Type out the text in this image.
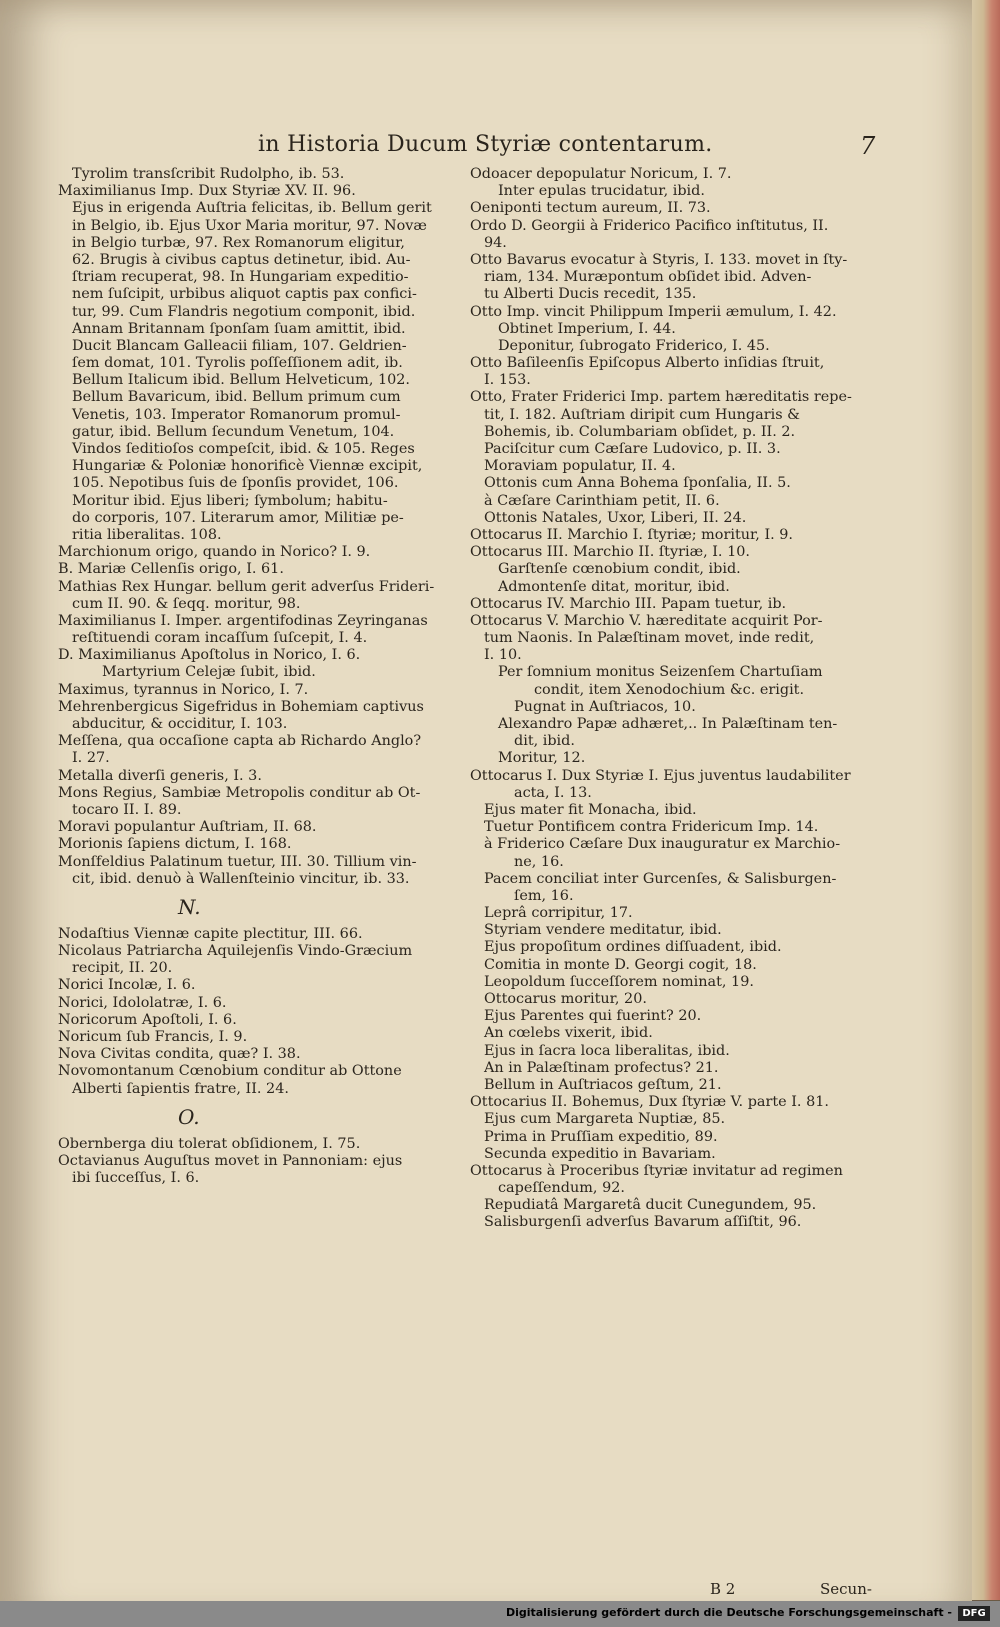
in Historia Ducum Styriæ contentarum.	7
Tyrolim transſcribit Rudolpho, ib. 53.
Maximilianus Imp. Dux Styriæ XV. II. 96.
Ejus in erigenda Auſtria felicitas, ib. Bellum gerit
in Belgio, ib. Ejus Uxor Maria moritur, 97. Novæ
in Belgio turbæ, 97. Rex Romanorum eligitur,
62. Brugis à civibus captus detinetur, ibid. Au-
ſtriam recuperat, 98. In Hungariam expeditio-
nem ſuſcipit, urbibus aliquot captis pax confici-
tur, 99. Cum Flandris negotium componit, ibid.
Annam Britannam ſponſam ſuam amittit, ibid.
Ducit Blancam Galleacii filiam, 107. Geldrien-
ſem domat, 101. Tyrolis poſſeſſionem adit, ib.
Bellum Italicum ibid. Bellum Helveticum, 102.
Bellum Bavaricum, ibid. Bellum primum cum
Venetis, 103. Imperator Romanorum promul-
gatur, ibid. Bellum ſecundum Venetum, 104.
Vindos ſeditioſos compeſcit, ibid. & 105. Reges
Hungariæ & Poloniæ honorificè Viennæ excipit,
105. Nepotibus ſuis de ſponſis providet, 106.
Moritur ibid. Ejus liberi; ſymbolum; habitu-
do corporis, 107. Literarum amor, Militiæ pe-
ritia liberalitas. 108.
Marchionum origo, quando in Norico? I. 9.
B. Mariæ Cellenſis origo, I. 61.
Mathias Rex Hungar. bellum gerit adverſus Frideri-
cum II. 90. & ſeqq. moritur, 98.
Maximilianus I. Imper. argentifodinas Zeyringanas
reſtituendi coram incaſſum ſuſcepit, I. 4.
D. Maximilianus Apoſtolus in Norico, I. 6.
Martyrium Celejæ ſubit, ibid.
Maximus, tyrannus in Norico, I. 7.
Mehrenbergicus Sigefridus in Bohemiam captivus
abducitur, & occiditur, I. 103.
Meſſena, qua occaſione capta ab Richardo Anglo?
I. 27.
Metalla diverſi generis, I. 3.
Mons Regius, Sambiæ Metropolis conditur ab Ot-
tocaro II. I. 89.
Moravi populantur Auſtriam, II. 68.
Morionis ſapiens dictum, I. 168.
Monſfeldius Palatinum tuetur, III. 30. Tillium vin-
cit, ibid. denuò à Wallenſteinio vincitur, ib. 33.
N.
Nodaſtius Viennæ capite plectitur, III. 66.
Nicolaus Patriarcha Aquilejenſis Vindo-Græcium
recipit, II. 20.
Norici Incolæ, I. 6.
Norici, Idololatræ, I. 6.
Noricorum Apoſtoli, I. 6.
Noricum ſub Francis, I. 9.
Nova Civitas condita, quæ? I. 38.
Novomontanum Cœnobium conditur ab Ottone
Alberti ſapientis fratre, II. 24.
O.
Obernberga diu tolerat obſidionem, I. 75.
Octavianus Auguſtus movet in Pannoniam: ejus
ibi ſucceſſus, I. 6.
Odoacer depopulatur Noricum, I. 7.
Inter epulas trucidatur, ibid.
Oeniponti tectum aureum, II. 73.
Ordo D. Georgii à Friderico Pacifico inſtitutus, II.
94.
Otto Bavarus evocatur à Styris, I. 133. movet in ſty-
riam, 134. Muræpontum obſidet ibid. Adven-
tu Alberti Ducis recedit, 135.
Otto Imp. vincit Philippum Imperii æmulum, I. 42.
Obtinet Imperium, I. 44.
Deponitur, ſubrogato Friderico, I. 45.
Otto Baſileenſis Epiſcopus Alberto inſidias ſtruit,
I. 153.
Otto, Frater Friderici Imp. partem hæreditatis repe-
tit, I. 182. Auſtriam diripit cum Hungaris &
Bohemis, ib. Columbariam obſidet, p. II. 2.
Paciſcitur cum Cæſare Ludovico, p. II. 3.
Moraviam populatur, II. 4.
Ottonis cum Anna Bohema ſponſalia, II. 5.
à Cæſare Carinthiam petit, II. 6.
Ottonis Natales, Uxor, Liberi, II. 24.
Ottocarus II. Marchio I. ſtyriæ; moritur, I. 9.
Ottocarus III. Marchio II. ſtyriæ, I. 10.
Garſtenſe cœnobium condit, ibid.
Admontenſe ditat, moritur, ibid.
Ottocarus IV. Marchio III. Papam tuetur, ib.
Ottocarus V. Marchio V. hæreditate acquirit Por-
tum Naonis. In Palæſtinam movet, inde redit,
I. 10.
Per ſomnium monitus Seizenſem Chartuſiam
condit, item Xenodochium &c. erigit.
Pugnat in Auſtriacos, 10.
Alexandro Papæ adhæret,.. In Palæſtinam ten-
dit, ibid.
Moritur, 12.
Ottocarus I. Dux Styriæ I. Ejus juventus laudabiliter
acta, I. 13.
Ejus mater fit Monacha, ibid.
Tuetur Pontificem contra Fridericum Imp. 14.
à Friderico Cæſare Dux inauguratur ex Marchio-
ne, 16.
Pacem conciliat inter Gurcenſes, & Salisburgen-
ſem, 16.
Leprâ corripitur, 17.
Styriam vendere meditatur, ibid.
Ejus propoſitum ordines diſſuadent, ibid.
Comitia in monte D. Georgi cogit, 18.
Leopoldum ſucceſſorem nominat, 19.
Ottocarus moritur, 20.
Ejus Parentes qui fuerint? 20.
An cœlebs vixerit, ibid.
Ejus in ſacra loca liberalitas, ibid.
An in Palæſtinam profectus? 21.
Bellum in Auſtriacos geſtum, 21.
Ottocarius II. Bohemus, Dux ſtyriæ V. parte I. 81.
Ejus cum Margareta Nuptiæ, 85.
Prima in Pruſſiam expeditio, 89.
Secunda expeditio in Bavariam.
Ottocarus à Proceribus ſtyriæ invitatur ad regimen
capeſſendum, 92.
Repudiatâ Margaretâ ducit Cunegundem, 95.
Salisburgenſi adverſus Bavarum aſſiſtit, 96.
B 2	Secun-
Digitalisierung gefördert durch die Deutsche Forschungsgemeinschaft -	DFG
